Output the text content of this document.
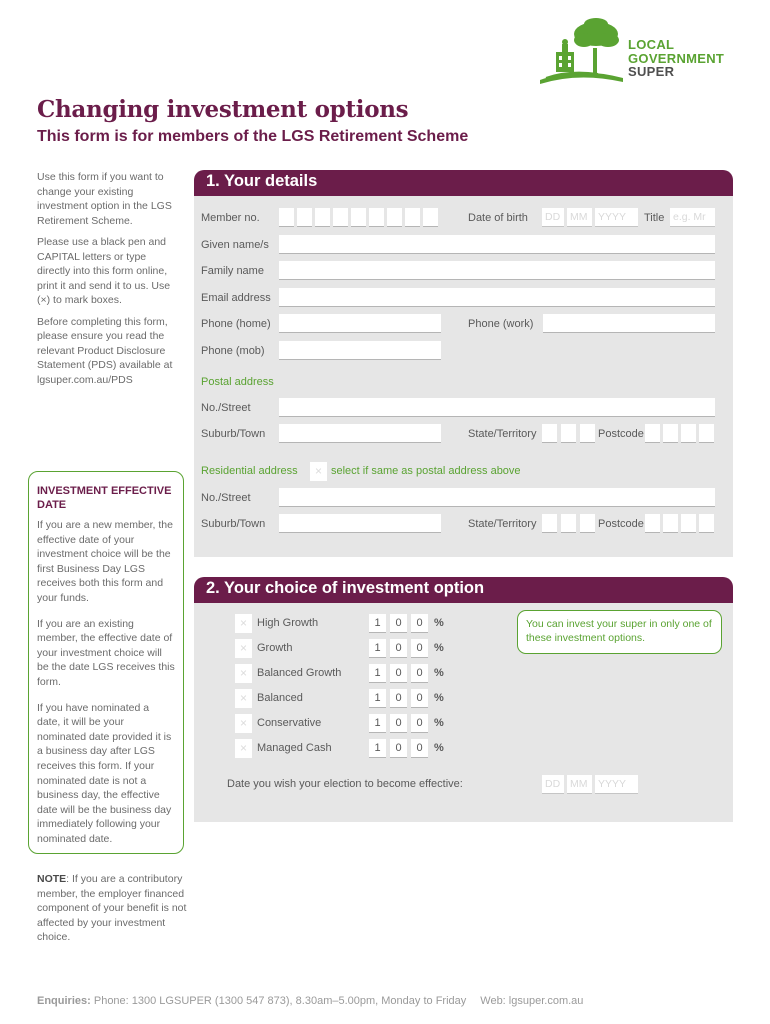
LOCAL
GOVERNMENT
SUPER
Changing investment options
This form is for members of the LGS Retirement Scheme

Use this form if you want to change your existing investment option in the LGS Retirement Scheme.

Please use a black pen and CAPITAL letters or type directly into this form online, print it and send it to us. Use (×) to mark boxes.

Before completing this form, please ensure you read the relevant Product Disclosure Statement (PDS) available at lgsuper.com.au/PDS

INVESTMENT EFFECTIVE DATE

If you are a new member, the effective date of your investment choice will be the first Business Day LGS receives both this form and your funds.

If you are an existing member, the effective date of your investment choice will be the date LGS receives this form.

If you have nominated a date, it will be your nominated date provided it is a business day after LGS receives this form. If your nominated date is not a business day, the effective date will be the business day immediately following your nominated date.

NOTE: If you are a contributory member, the employer financed component of your benefit is not affected by your investment choice.
Enquiries: Phone: 1300 LGSUPER (1300 547 873), 8.30am–5.00pm, Monday to Friday Web: lgsuper.com.au
1. Your details
Member no.	Date of birth DD MM	YYYY	Title e.g. Mr
Given name/s
Family name
Email address
Phone (home)	Phone (work)
Phone (mob)
Postal address
No./Street
Suburb/Town	State/Territory	Postcode
Residential address	× select if same as postal address above
No./Street
Suburb/Town	State/Territory	Postcode
2. Your choice of investment option
× High Growth	1	0	0	%
× Growth	1	0	0	%
× Balanced Growth	1	0	0	%
× Balanced	1	0	0	%
× Conservative	1	0	0	%
× Managed Cash	1	0	0	%
Date you wish your election to become effective:	DD MM	YYYY
You can invest your super in only one of these investment options.
